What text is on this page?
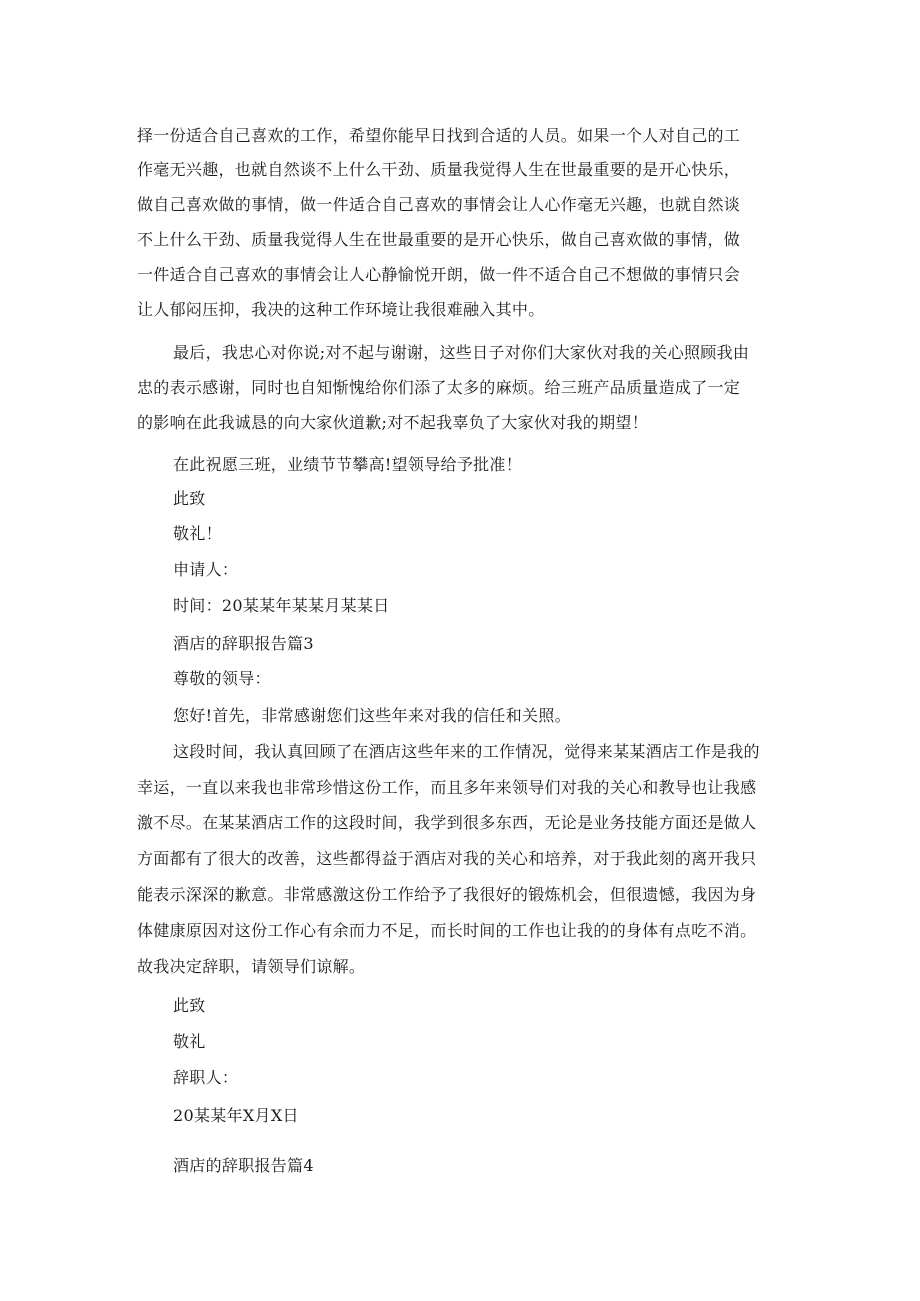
择一份适合自己喜欢的工作，希望你能早日找到合适的人员。如果一个人对自己的工
作毫无兴趣，也就自然谈不上什么干劲、质量我觉得人生在世最重要的是开心快乐，
做自己喜欢做的事情，做一件适合自己喜欢的事情会让人心作毫无兴趣，也就自然谈
不上什么干劲、质量我觉得人生在世最重要的是开心快乐，做自己喜欢做的事情，做
一件适合自己喜欢的事情会让人心静愉悦开朗，做一件不适合自己不想做的事情只会
让人郁闷压抑，我决的这种工作环境让我很难融入其中。
最后，我忠心对你说;对不起与谢谢，这些日子对你们大家伙对我的关心照顾我由
忠的表示感谢，同时也自知惭愧给你们添了太多的麻烦。给三班产品质量造成了一定
的影响在此我诚恳的向大家伙道歉;对不起我辜负了大家伙对我的期望！
在此祝愿三班，业绩节节攀高!望领导给予批准！
此致
敬礼！
申请人：
时间：20某某年某某月某某日
酒店的辞职报告篇3
尊敬的领导：
您好!首先，非常感谢您们这些年来对我的信任和关照。
这段时间，我认真回顾了在酒店这些年来的工作情况，觉得来某某酒店工作是我的
幸运，一直以来我也非常珍惜这份工作，而且多年来领导们对我的关心和教导也让我感
激不尽。在某某酒店工作的这段时间，我学到很多东西，无论是业务技能方面还是做人
方面都有了很大的改善，这些都得益于酒店对我的关心和培养，对于我此刻的离开我只
能表示深深的歉意。非常感激这份工作给予了我很好的锻炼机会，但很遗憾，我因为身
体健康原因对这份工作心有余而力不足，而长时间的工作也让我的的身体有点吃不消。
故我决定辞职，请领导们谅解。
此致
敬礼
辞职人：
20某某年X月X日
酒店的辞职报告篇4
